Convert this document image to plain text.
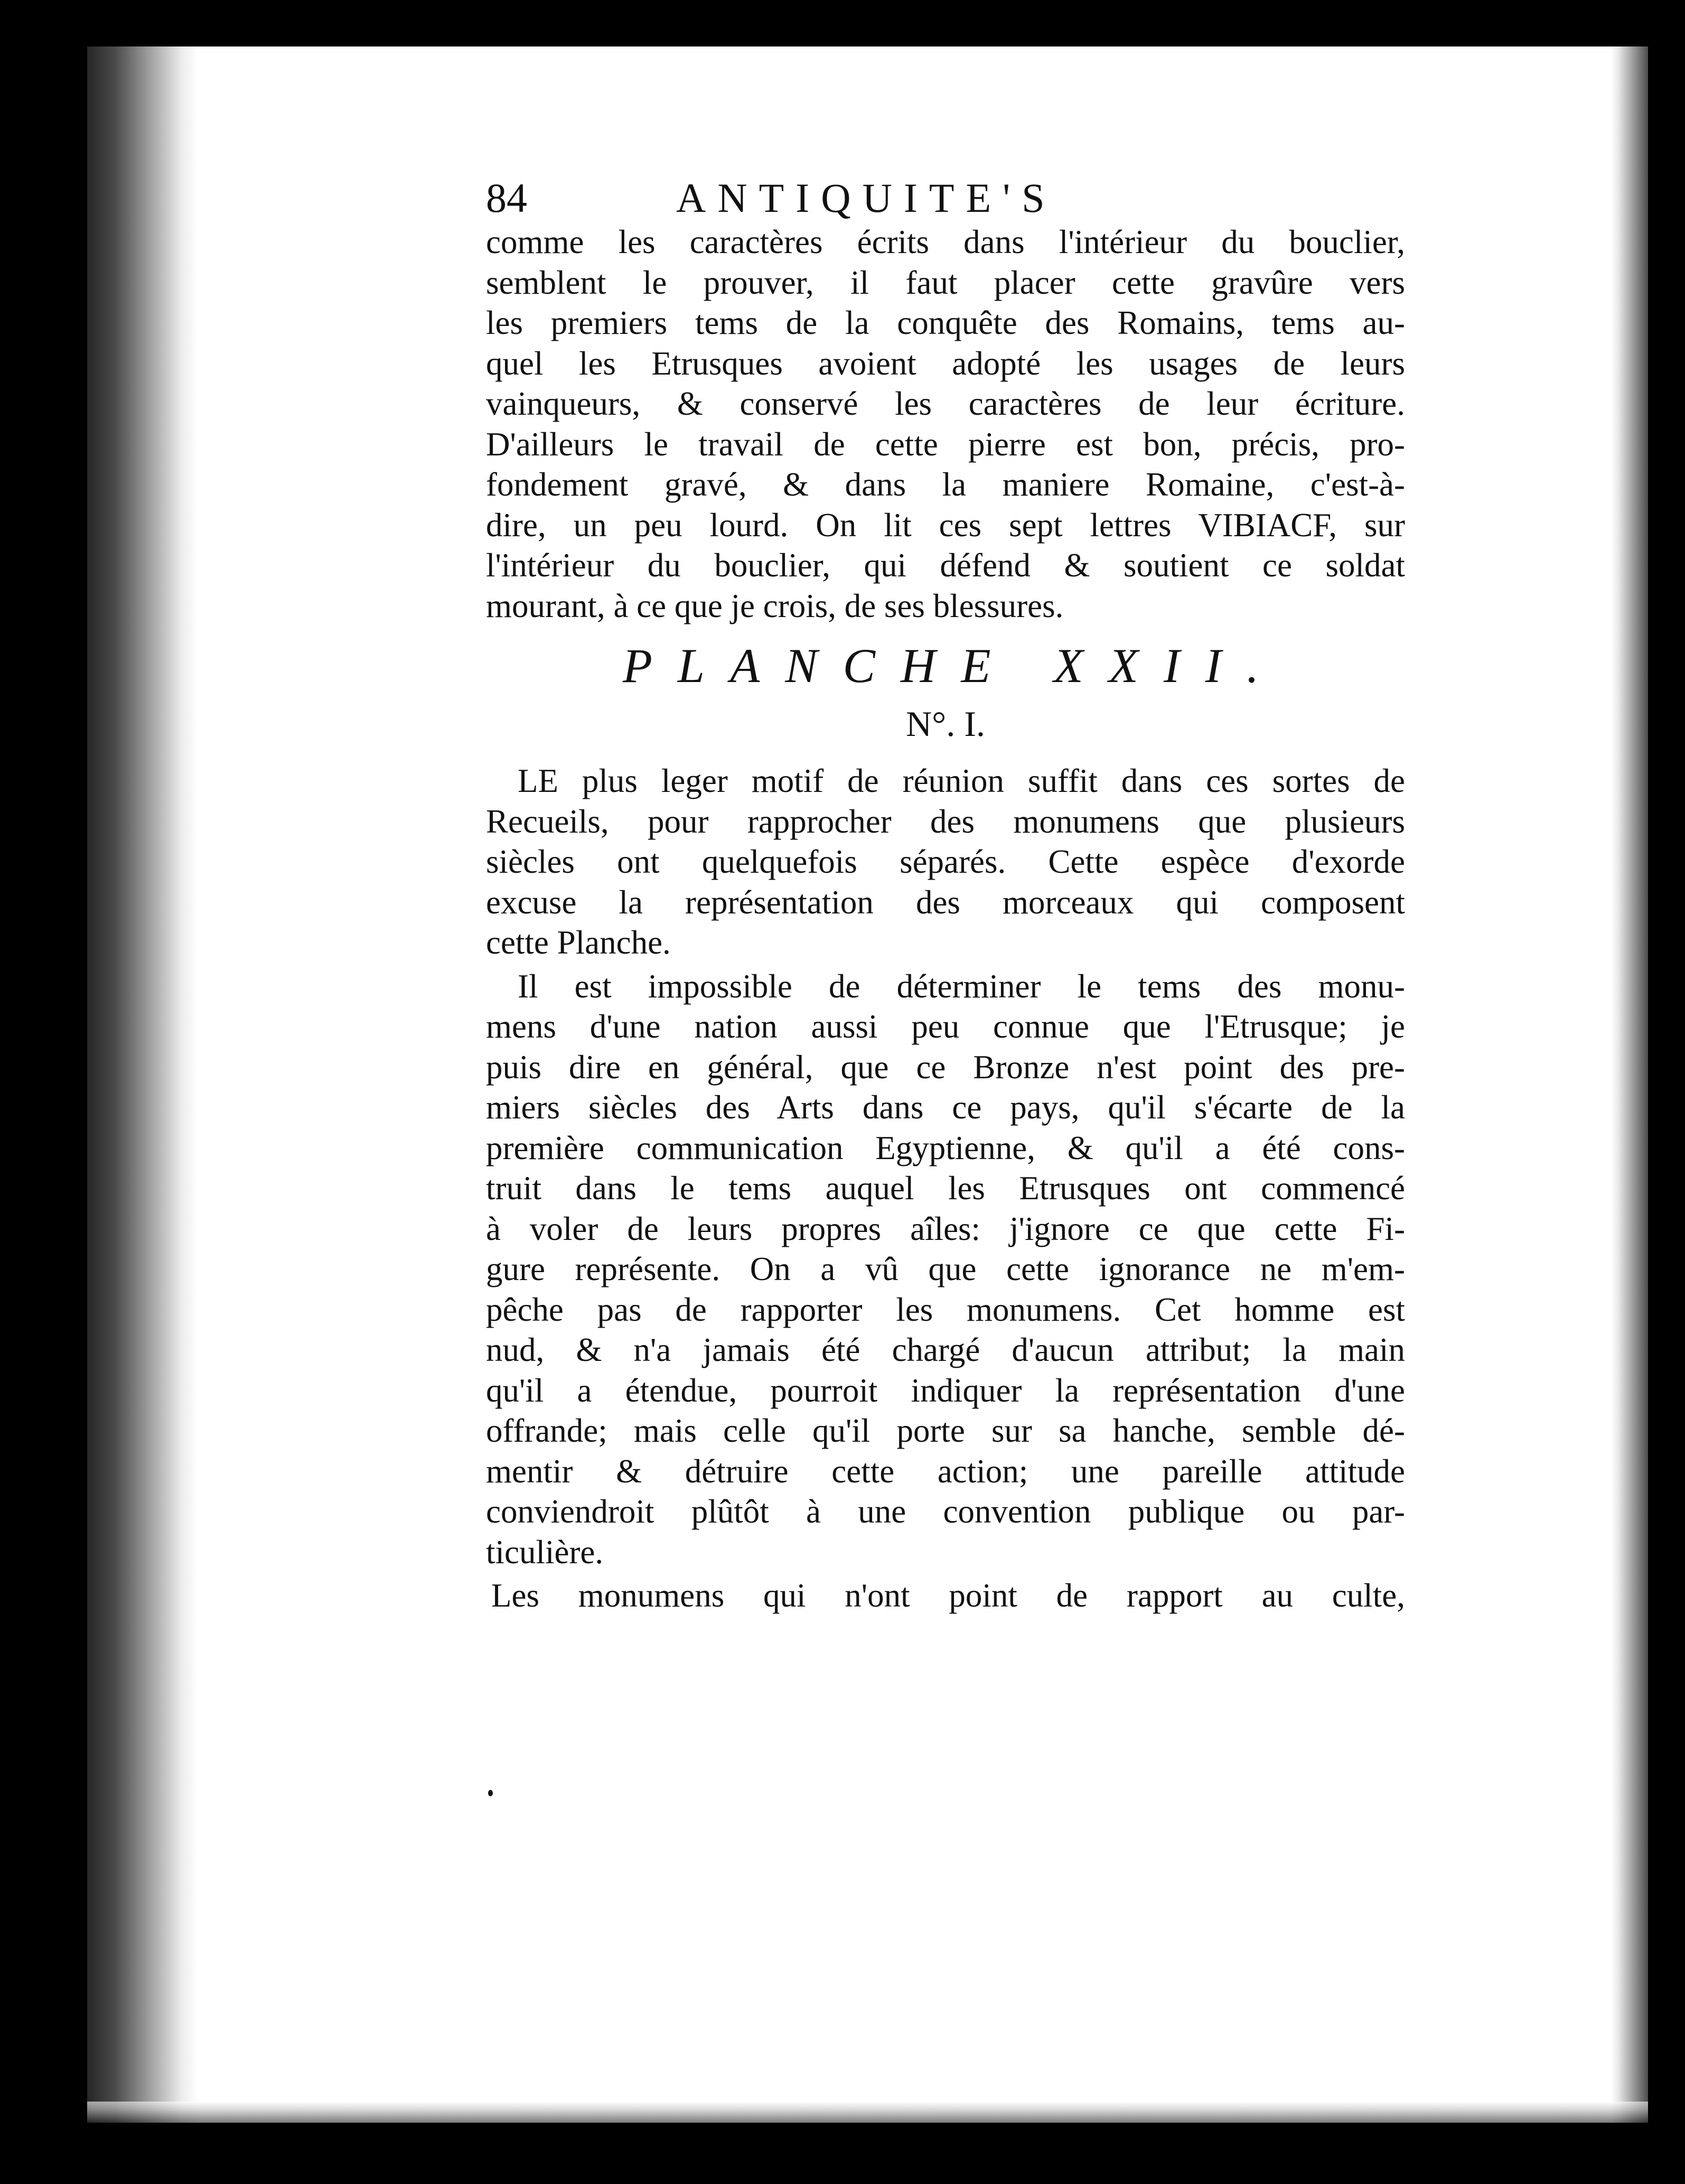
84	ANTIQUITE'S
comme les caractères écrits dans l'intérieur du bouclier,
semblent le prouver, il faut placer cette gravûre vers
les premiers tems de la conquête des Romains, tems au-
quel les Etrusques avoient adopté les usages de leurs
vainqueurs, & conservé les caractères de leur écriture.
D'ailleurs le travail de cette pierre est bon, précis, pro-
fondement gravé, & dans la maniere Romaine, c'est-à-
dire, un peu lourd. On lit ces sept lettres VIBIACF, sur
l'intérieur du bouclier, qui défend & soutient ce soldat
mourant, à ce que je crois, de ses blessures.
PLANCHE XXII.
N°. I.
LE plus leger motif de réunion suffit dans ces sortes de
Recueils, pour rapprocher des monumens que plusieurs
siècles ont quelquefois séparés. Cette espèce d'exorde
excuse la représentation des morceaux qui composent
cette Planche.
Il est impossible de déterminer le tems des monu-
mens d'une nation aussi peu connue que l'Etrusque; je
puis dire en général, que ce Bronze n'est point des pre-
miers siècles des Arts dans ce pays, qu'il s'écarte de la
première communication Egyptienne, & qu'il a été cons-
truit dans le tems auquel les Etrusques ont commencé
à voler de leurs propres aîles: j'ignore ce que cette Fi-
gure représente. On a vû que cette ignorance ne m'em-
pêche pas de rapporter les monumens. Cet homme est
nud, & n'a jamais été chargé d'aucun attribut; la main
qu'il a étendue, pourroit indiquer la représentation d'une
offrande; mais celle qu'il porte sur sa hanche, semble dé-
mentir & détruire cette action; une pareille attitude
conviendroit plûtôt à une convention publique ou par-
ticulière.
Les monumens qui n'ont point de rapport au culte,
